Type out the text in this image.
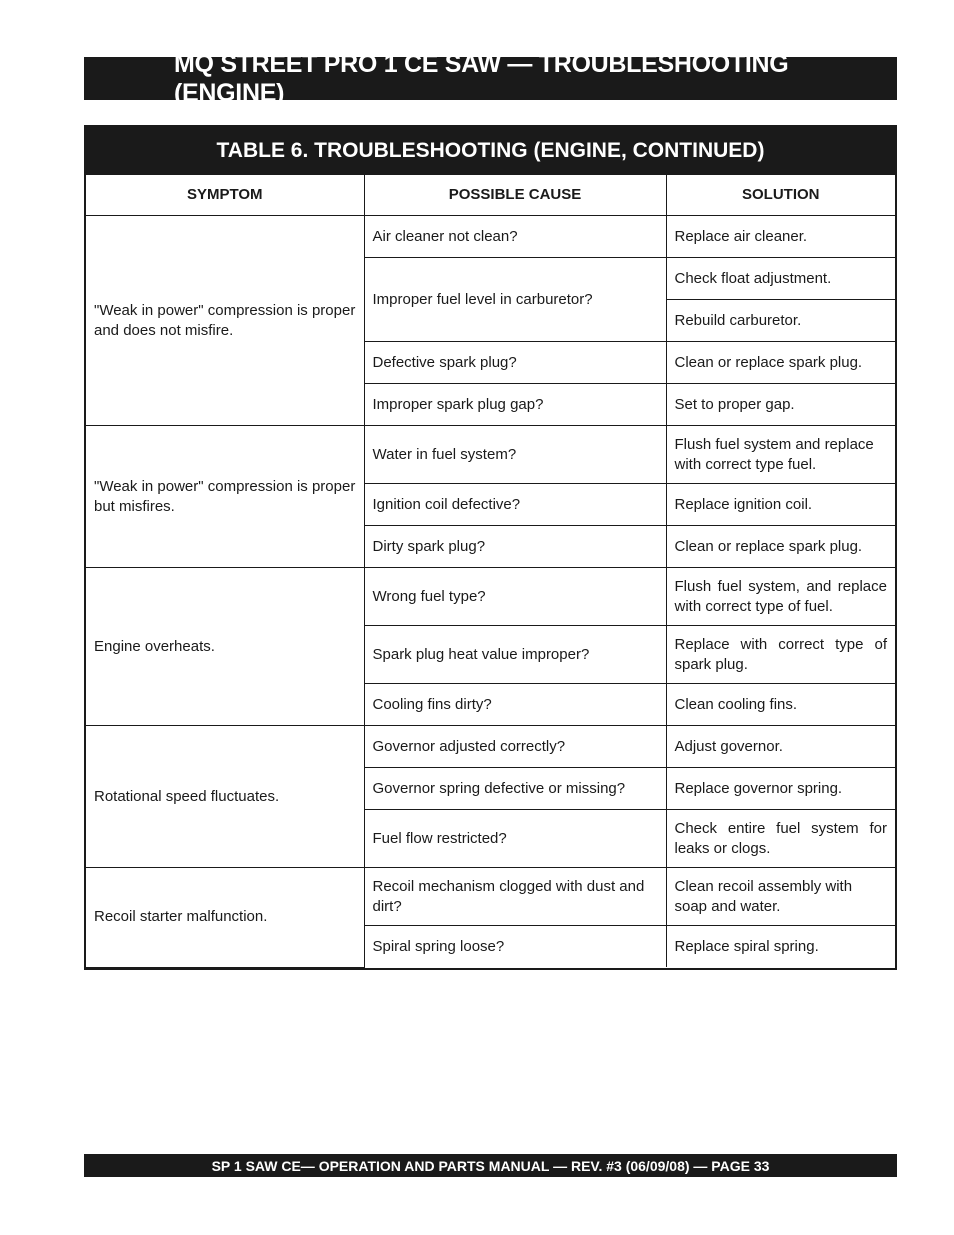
MQ STREET PRO 1 CE SAW — TROUBLESHOOTING (ENGINE)
TABLE 6. TROUBLESHOOTING (ENGINE, CONTINUED)
SYMPTOM	POSSIBLE CAUSE	SOLUTION
"Weak in power" compression is proper and does not misfire.	Air cleaner not clean?	Replace air cleaner.
	Improper fuel level in carburetor?	Check float adjustment.
		Rebuild carburetor.
	Defective spark plug?	Clean or replace spark plug.
	Improper spark plug gap?	Set to proper gap.
"Weak in power" compression is proper but misfires.	Water in fuel system?	Flush fuel system and replace with correct type fuel.
	Ignition coil defective?	Replace ignition coil.
	Dirty spark plug?	Clean or replace spark plug.
Engine overheats.	Wrong fuel type?	Flush fuel system, and replace with correct type of fuel.
	Spark plug heat value improper?	Replace with correct type of spark plug.
	Cooling fins dirty?	Clean cooling fins.
Rotational speed fluctuates.	Governor adjusted correctly?	Adjust governor.
	Governor spring defective or missing?	Replace governor spring.
	Fuel flow restricted?	Check entire fuel system for leaks or clogs.
Recoil starter malfunction.	Recoil mechanism clogged with dust and dirt?	Clean recoil assembly with soap and water.
	Spiral spring loose?	Replace spiral spring.
SP 1 SAW CE— OPERATION AND PARTS MANUAL — REV. #3 (06/09/08) — PAGE 33
